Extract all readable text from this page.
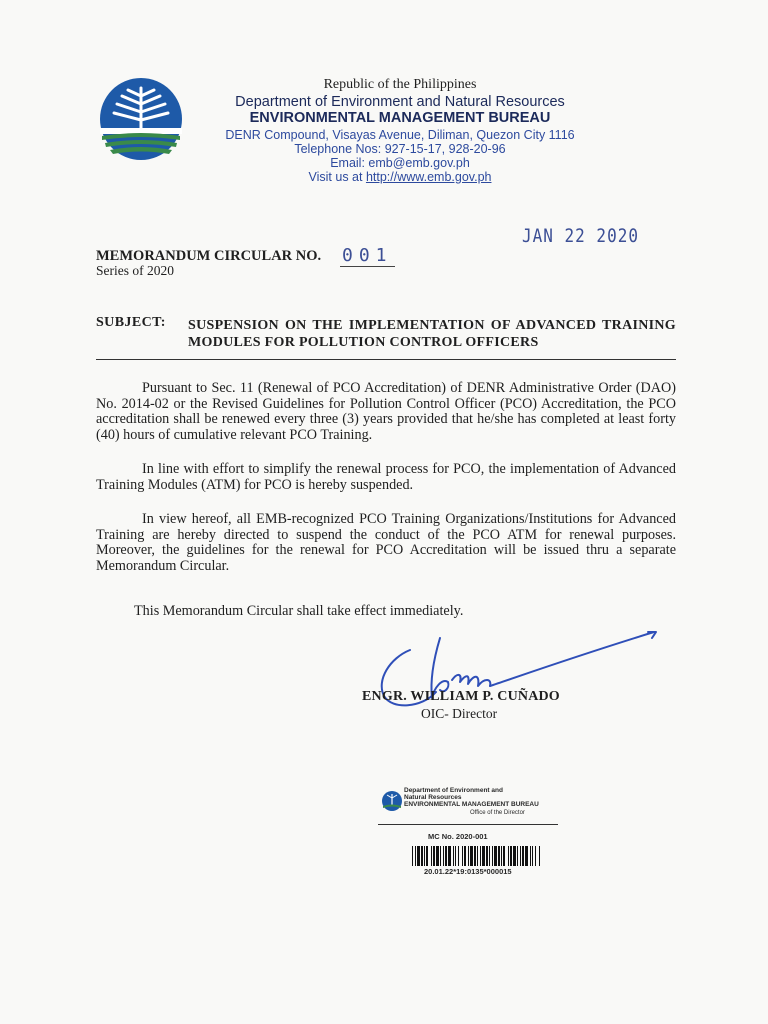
Republic of the Philippines
Department of Environment and Natural Resources
ENVIRONMENTAL MANAGEMENT BUREAU
DENR Compound, Visayas Avenue, Diliman, Quezon City 1116
Telephone Nos: 927-15-17, 928-20-96
Email: emb@emb.gov.ph
Visit us at http://www.emb.gov.ph
JAN 22 2020
MEMORANDUM CIRCULAR NO. 001
Series of 2020
SUBJECT: SUSPENSION ON THE IMPLEMENTATION OF ADVANCED TRAINING MODULES FOR POLLUTION CONTROL OFFICERS
Pursuant to Sec. 11 (Renewal of PCO Accreditation) of DENR Administrative Order (DAO) No. 2014-02 or the Revised Guidelines for Pollution Control Officer (PCO) Accreditation, the PCO accreditation shall be renewed every three (3) years provided that he/she has completed at least forty (40) hours of cumulative relevant PCO Training.
In line with effort to simplify the renewal process for PCO, the implementation of Advanced Training Modules (ATM) for PCO is hereby suspended.
In view hereof, all EMB-recognized PCO Training Organizations/Institutions for Advanced Training are hereby directed to suspend the conduct of the PCO ATM for renewal purposes. Moreover, the guidelines for the renewal for PCO Accreditation will be issued thru a separate Memorandum Circular.
This Memorandum Circular shall take effect immediately.
ENGR. WILLIAM P. CUÑADO
OIC- Director
Department of Environment and
Natural Resources
ENVIRONMENTAL MANAGEMENT BUREAU
Office of the Director
MC No. 2020-001
20.01.22*19:0135*000015
